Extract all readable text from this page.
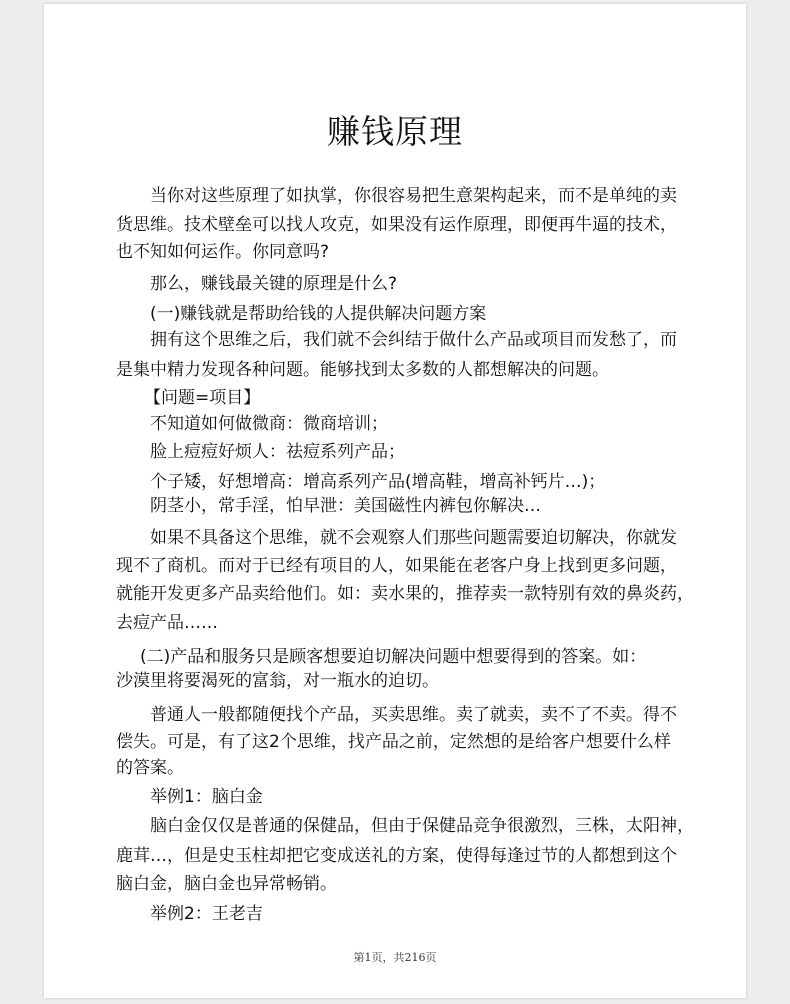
赚钱原理
当你对这些原理了如执掌，你很容易把生意架构起来，而不是单纯的卖
货思维。技术壁垒可以找人攻克，如果没有运作原理，即便再牛逼的技术，
也不知如何运作。你同意吗?
那么，赚钱最关键的原理是什么?
(一)赚钱就是帮助给钱的人提供解决问题方案
拥有这个思维之后，我们就不会纠结于做什么产品或项目而发愁了，而
是集中精力发现各种问题。能够找到太多数的人都想解决的问题。
【问题=项目】
不知道如何做微商：微商培训；
脸上痘痘好烦人：祛痘系列产品；
个子矮，好想增高：增高系列产品(增高鞋，增高补钙片…)；
阴茎小，常手淫，怕早泄：美国磁性内裤包你解决…
如果不具备这个思维，就不会观察人们那些问题需要迫切解决，你就发
现不了商机。而对于已经有项目的人，如果能在老客户身上找到更多问题，
就能开发更多产品卖给他们。如：卖水果的，推荐卖一款特别有效的鼻炎药，
去痘产品……
(二)产品和服务只是顾客想要迫切解决问题中想要得到的答案。如：
沙漠里将要渴死的富翁，对一瓶水的迫切。
普通人一般都随便找个产品，买卖思维。卖了就卖，卖不了不卖。得不
偿失。可是，有了这2个思维，找产品之前，定然想的是给客户想要什么样
的答案。
举例1：脑白金
脑白金仅仅是普通的保健品，但由于保健品竞争很激烈，三株，太阳神，
鹿茸…，但是史玉柱却把它变成送礼的方案，使得每逢过节的人都想到这个
脑白金，脑白金也异常畅销。
举例2：王老吉
第1页，共216页
